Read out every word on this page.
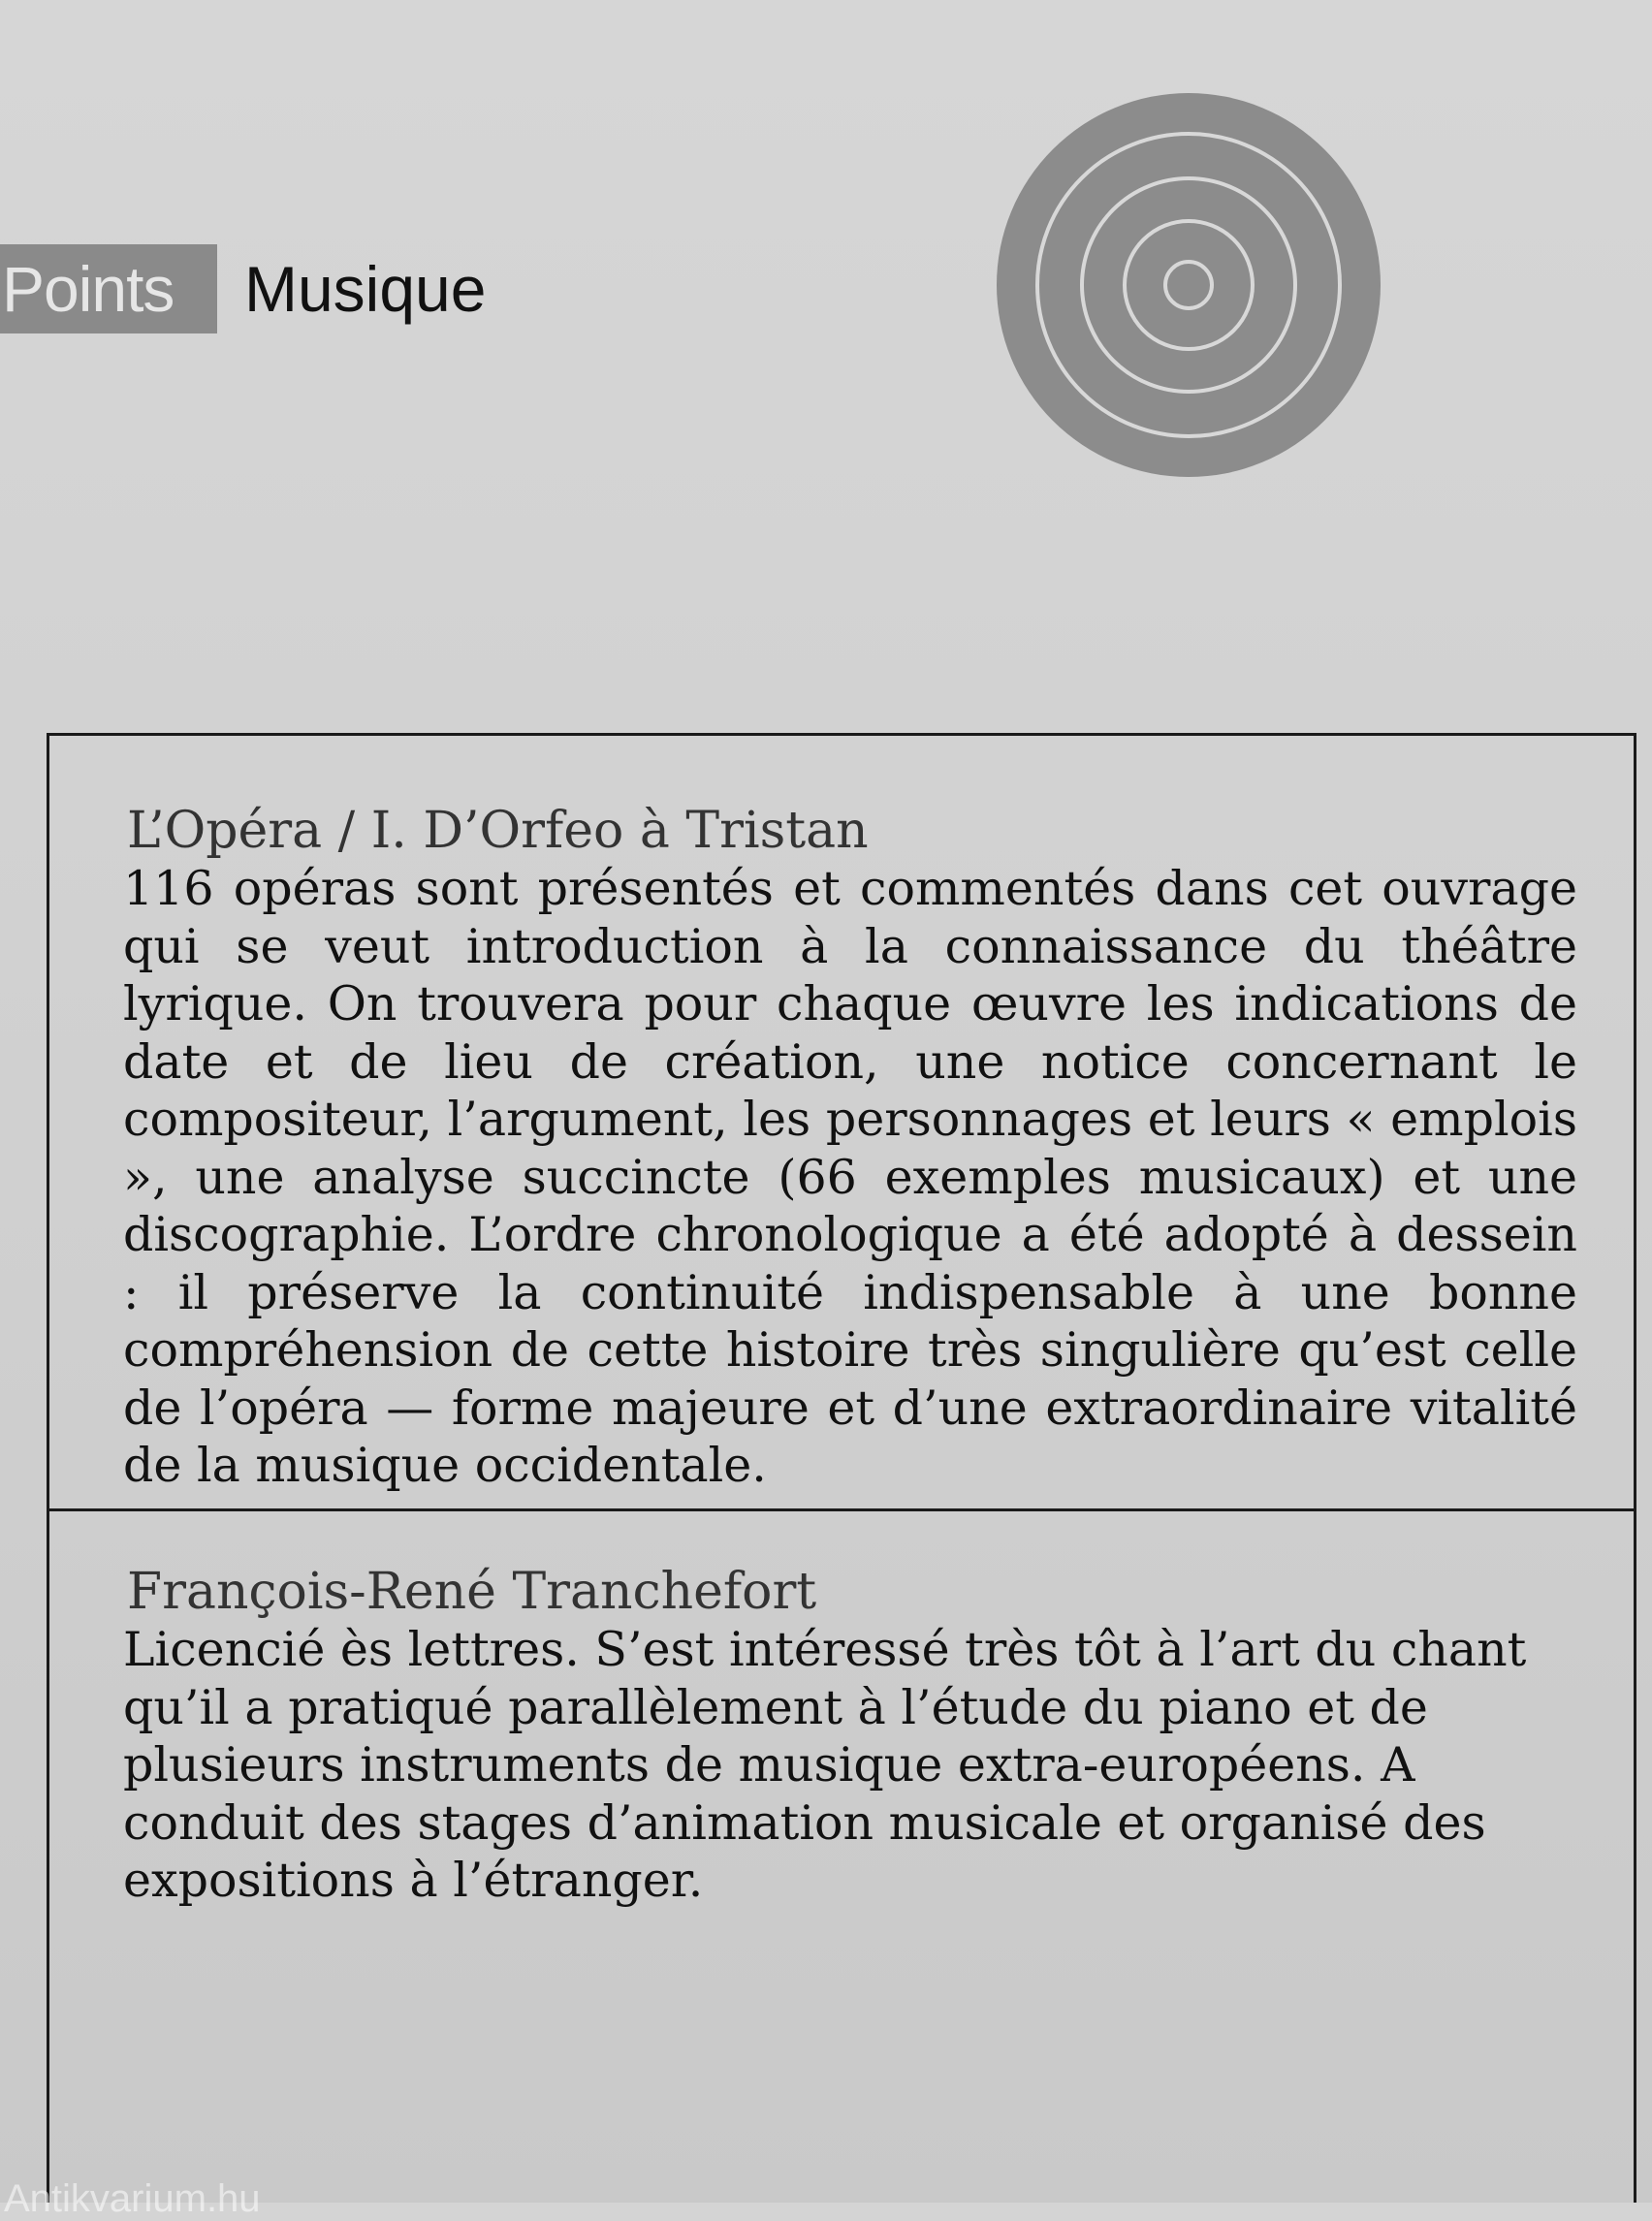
Points	Musique
L’Opéra / I. D’Orfeo à Tristan

116 opéras sont présentés et commentés dans cet ouvrage qui se veut introduction à la connaissance du théâtre lyrique. On trouvera pour chaque œuvre les indications de date et de lieu de création, une notice concernant le compositeur, l’argument, les personnages et leurs « emplois », une analyse succincte (66 exemples musicaux) et une discographie. L’ordre chronologique a été adopté à dessein : il préserve la continuité indispensable à une bonne compréhension de cette histoire très singulière qu’est celle de l’opéra — forme majeure et d’une extraordinaire vitalité de la musique occidentale.

François-René Tranchefort

Licencié ès lettres. S’est intéressé très tôt à l’art du chant qu’il a pratiqué parallèlement à l’étude du piano et de plusieurs instruments de musique extra-européens. A conduit des stages d’animation musicale et organisé des expositions à l’étranger.

Antikvarium.hu
